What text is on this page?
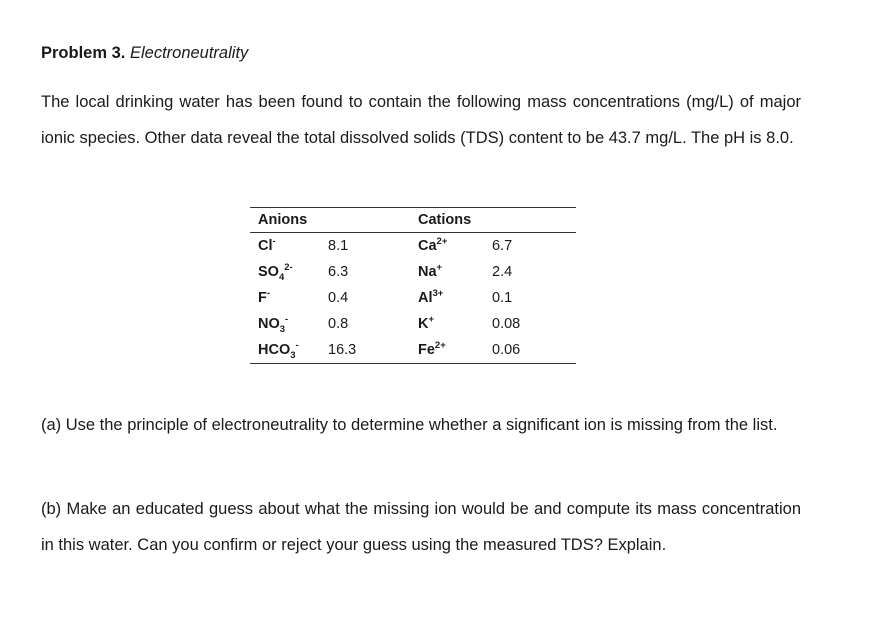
Problem 3. Electroneutrality
The local drinking water has been found to contain the following mass concentrations (mg/L) of major ionic species. Other data reveal the total dissolved solids (TDS) content to be 43.7 mg/L. The pH is 8.0.
Anions		Cations	
Cl-	8.1	$Ca^{2+}$	6.7
$SO_4^{2-}$	6.3	Na+	2.4
F-	0.4	$Al^{3+}$	0.1
$NO_3^-$	0.8	K+	0.08
$HCO_3^-$	16.3	$Fe^{2+}$	0.06
(a) Use the principle of electroneutrality to determine whether a significant ion is missing from the list.
(b) Make an educated guess about what the missing ion would be and compute its mass concentration in this water. Can you confirm or reject your guess using the measured TDS? Explain.
